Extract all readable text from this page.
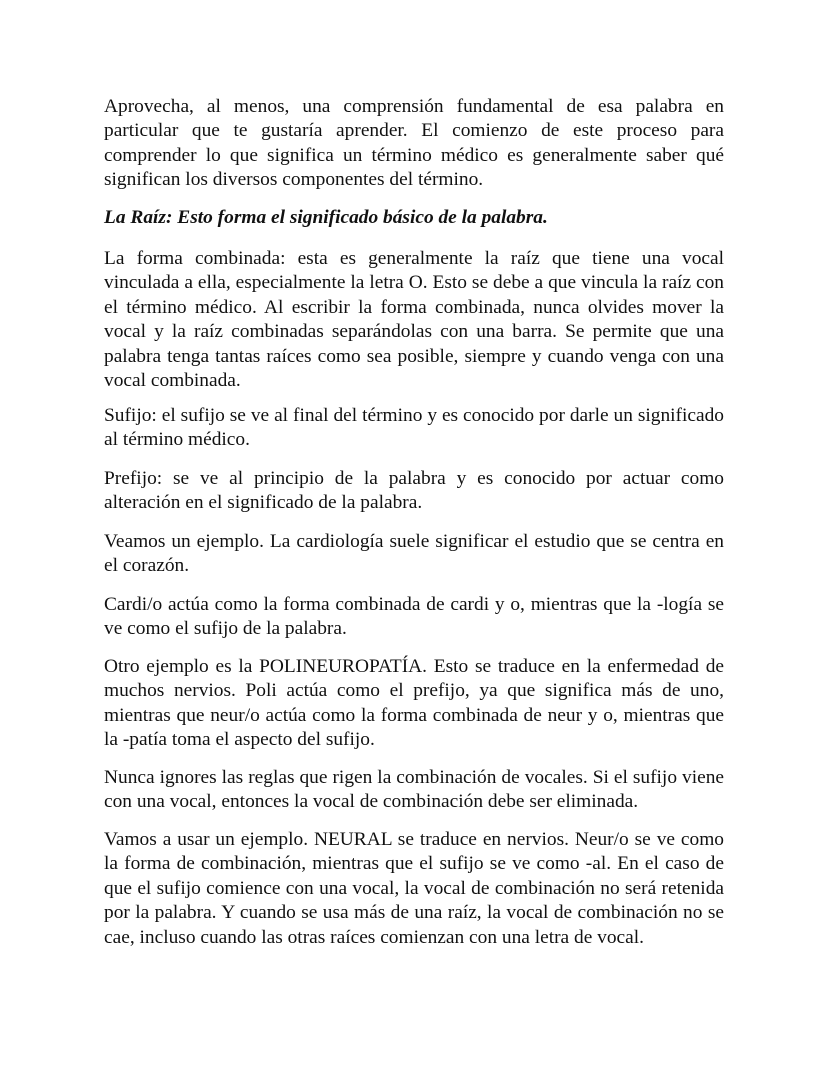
Aprovecha, al menos, una comprensión fundamental de esa palabra en particular que te gustaría aprender. El comienzo de este proceso para comprender lo que significa un término médico es generalmente saber qué significan los diversos componentes del término.

La Raíz: Esto forma el significado básico de la palabra.

La forma combinada: esta es generalmente la raíz que tiene una vocal vinculada a ella, especialmente la letra O. Esto se debe a que vincula la raíz con el término médico. Al escribir la forma combinada, nunca olvides mover la vocal y la raíz combinadas separándolas con una barra. Se permite que una palabra tenga tantas raíces como sea posible, siempre y cuando venga con una vocal combinada.

Sufijo: el sufijo se ve al final del término y es conocido por darle un significado al término médico.

Prefijo: se ve al principio de la palabra y es conocido por actuar como alteración en el significado de la palabra.

Veamos un ejemplo. La cardiología suele significar el estudio que se centra en el corazón.

Cardi/o actúa como la forma combinada de cardi y o, mientras que la -logía se ve como el sufijo de la palabra.

Otro ejemplo es la POLINEUROPATÍA. Esto se traduce en la enfermedad de muchos nervios. Poli actúa como el prefijo, ya que significa más de uno, mientras que neur/o actúa como la forma combinada de neur y o, mientras que la -patía toma el aspecto del sufijo.

Nunca ignores las reglas que rigen la combinación de vocales. Si el sufijo viene con una vocal, entonces la vocal de combinación debe ser eliminada.

Vamos a usar un ejemplo. NEURAL se traduce en nervios. Neur/o se ve como la forma de combinación, mientras que el sufijo se ve como -al. En el caso de que el sufijo comience con una vocal, la vocal de combinación no será retenida por la palabra. Y cuando se usa más de una raíz, la vocal de combinación no se cae, incluso cuando las otras raíces comienzan con una letra de vocal.
